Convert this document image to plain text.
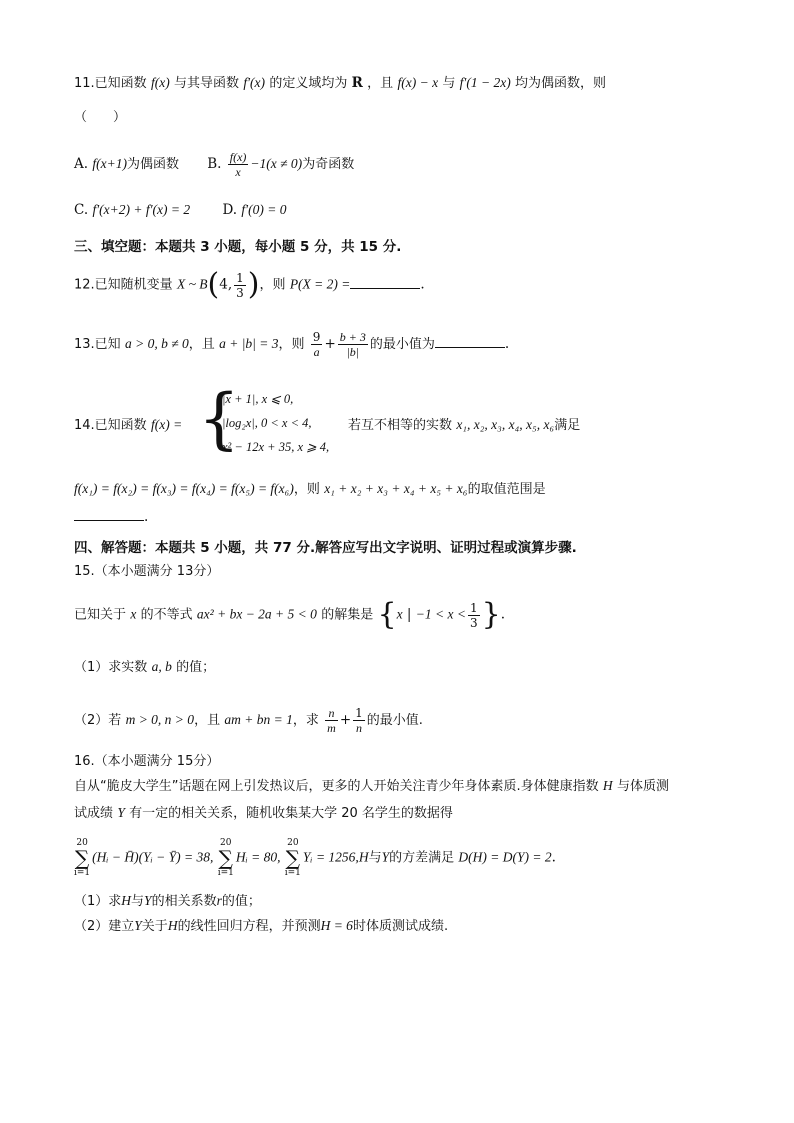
11.已知函数 f(x) 与其导函数 f′(x) 的定义域均为 R ，且 f(x) − x 与 f′(1 − 2x) 均为偶函数，则
（　　）
A. f(x+1)为偶函数 B. $\frac{f(x)}{x} -1(x \ne 0)$为奇函数
C. f′(x+2) + f′(x) = 2 D. f′(0) = 0
三、填空题：本题共 3 小题，每小题 5 分，共 15 分.
12.已知随机变量 X ~ B(4, $\frac{1}{3}$ )，则 P(X = 2) =	.
13.已知 a > 0, b ≠ 0，且 a + |b| = 3，则 $\frac{9}{a} + \frac{b + 3}{|b|}$ 的最小值为	.
14.已知函数 f(x) = {
|x + 1|, x ⩽ 0,
|log₂x|, 0 < x < 4,
x² − 12x + 35, x ⩾ 4,
若互不相等的实数 x₁, x₂, x₃, x₄, x₅, x₆满足
f(x₁) = f(x₂) = f(x₃) = f(x₄) = f(x₅) = f(x₆)，则 x₁ + x₂ + x₃ + x₄ + x₅ + x₆的取值范围是
.
四、解答题：本题共 5 小题，共 77 分.解答应写出文字说明、证明过程或演算步骤.
15.（本小题满分 13分）
已知关于 x 的不等式 ax² + bx − 2a + 5 < 0 的解集是 {x | $-1 < x < \frac{1}{3}$ }.
（1）求实数 a, b 的值；
（2）若 m > 0, n > 0，且 am + bn = 1，求 $\frac{n}{m} + \frac{1}{n}$ 的最小值.
16.（本小题满分 15分）
自从“脆皮大学生”话题在网上引发热议后，更多的人开始关注青少年身体素质.身体健康指数 H 与体质测
试成绩 Y 有一定的相关关系，随机收集某大学 20 名学生的数据得
20
∑
i=1(Hᵢ − H̄)(Yᵢ − Ȳ) = 38, 20
∑
i=1Hᵢ = 80, 20
∑
i=1Yᵢ = 1256,H与Y的方差满足 D(H) = D(Y) = 2.
（1）求H与Y的相关系数r的值；
（2）建立Y关于H的线性回归方程，并预测H = 6时体质测试成绩.
